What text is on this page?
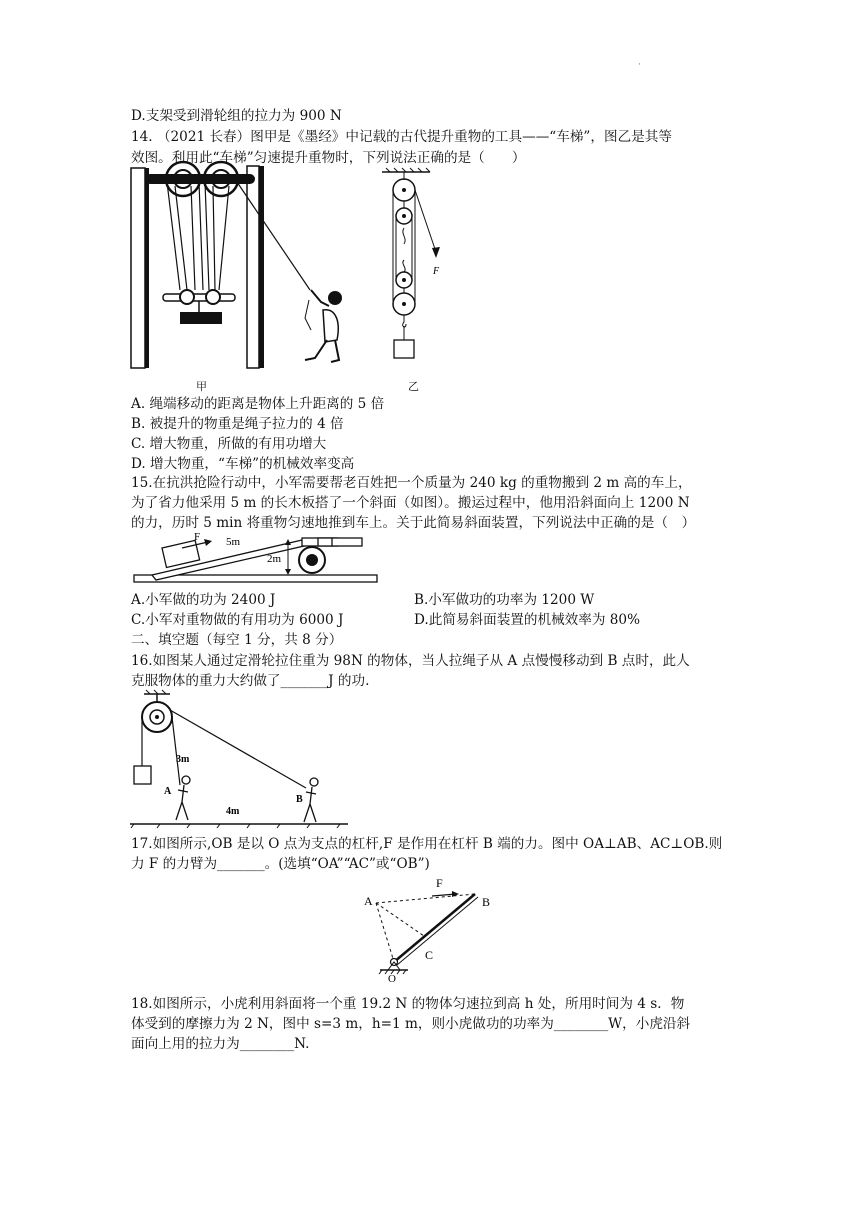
·
D.支架受到滑轮组的拉力为 900 N
14. （2021 长春）图甲是《墨经》中记载的古代提升重物的工具——“车梯”，图乙是其等
效图。利用此“车梯”匀速提升重物时，下列说法正确的是（　　）
甲
F
乙
A. 绳端移动的距离是物体上升距离的 5 倍
B. 被提升的物重是绳子拉力的 4 倍
C. 增大物重，所做的有用功增大
D. 增大物重，“车梯”的机械效率变高
15.在抗洪抢险行动中，小军需要帮老百姓把一个质量为 240 kg 的重物搬到 2 m 高的车上，
为了省力他采用 5 m 的长木板搭了一个斜面（如图）。搬运过程中，他用沿斜面向上 1200 N
的力，历时 5 min 将重物匀速地推到车上。关于此简易斜面装置，下列说法中正确的是（　）
F 5m
2m
A.小军做的功为 2400 J	B.小军做功的功率为 1200 W
C.小军对重物做的有用功为 6000 J	D.此简易斜面装置的机械效率为 80%
二、填空题（每空 1 分，共 8 分）
16.如图某人通过定滑轮拉住重为 98N 的物体，当人拉绳子从 A 点慢慢移动到 B 点时，此人
克服物体的重力大约做了_______J 的功.
3m
4m
A
B
17.如图所示,OB 是以 O 点为支点的杠杆,F 是作用在杠杆 B 端的力。图中 OA⊥AB、AC⊥OB.则
力 F 的力臂为_______。(选填“OA”“AC”或“OB”)
A	B
C
O
F
18.如图所示，小虎利用斜面将一个重 19.2 N 的物体匀速拉到高 h 处，所用时间为 4 s．物
体受到的摩擦力为 2 N，图中 s=3 m，h=1 m，则小虎做功的功率为________W，小虎沿斜
面向上用的拉力为________N.
